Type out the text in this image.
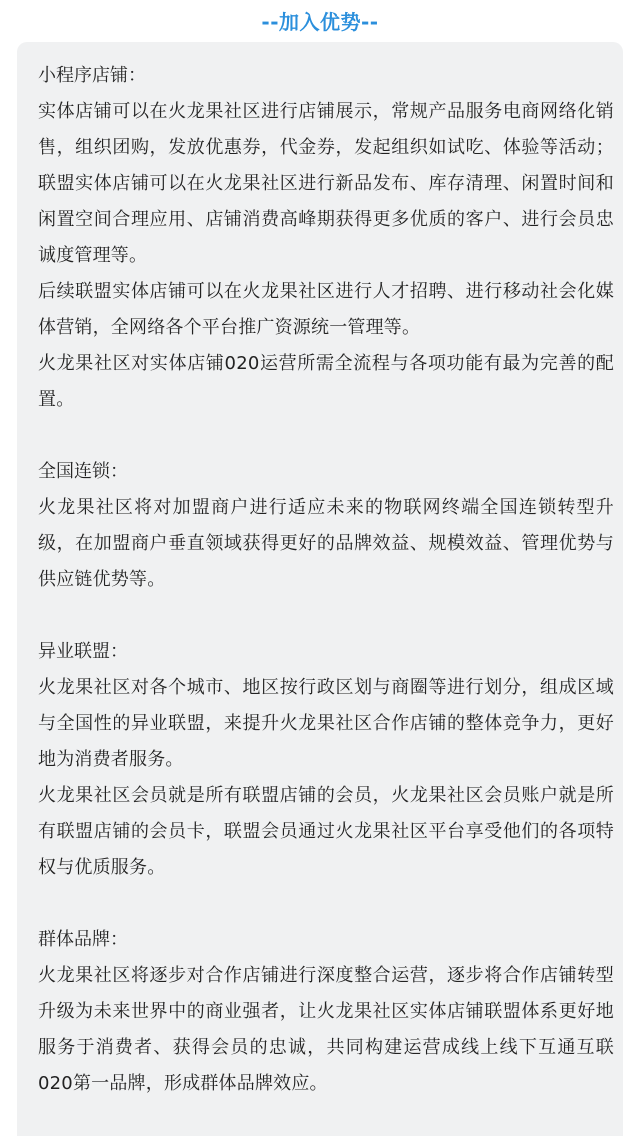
--加入优势--
小程序店铺：
实体店铺可以在火龙果社区进行店铺展示，常规产品服务电商网络化销售，组织团购，发放优惠券，代金券，发起组织如试吃、体验等活动；联盟实体店铺可以在火龙果社区进行新品发布、库存清理、闲置时间和闲置空间合理应用、店铺消费高峰期获得更多优质的客户、进行会员忠诚度管理等。
后续联盟实体店铺可以在火龙果社区进行人才招聘、进行移动社会化媒体营销，全网络各个平台推广资源统一管理等。
火龙果社区对实体店铺020运营所需全流程与各项功能有最为完善的配置。
全国连锁：
火龙果社区将对加盟商户进行适应未来的物联网终端全国连锁转型升级，在加盟商户垂直领域获得更好的品牌效益、规模效益、管理优势与供应链优势等。
异业联盟：
火龙果社区对各个城市、地区按行政区划与商圈等进行划分，组成区域与全国性的异业联盟，来提升火龙果社区合作店铺的整体竞争力，更好地为消费者服务。
火龙果社区会员就是所有联盟店铺的会员，火龙果社区会员账户就是所有联盟店铺的会员卡，联盟会员通过火龙果社区平台享受他们的各项特权与优质服务。
群体品牌：
火龙果社区将逐步对合作店铺进行深度整合运营，逐步将合作店铺转型升级为未来世界中的商业强者，让火龙果社区实体店铺联盟体系更好地服务于消费者、获得会员的忠诚，共同构建运营成线上线下互通互联020第一品牌，形成群体品牌效应。
